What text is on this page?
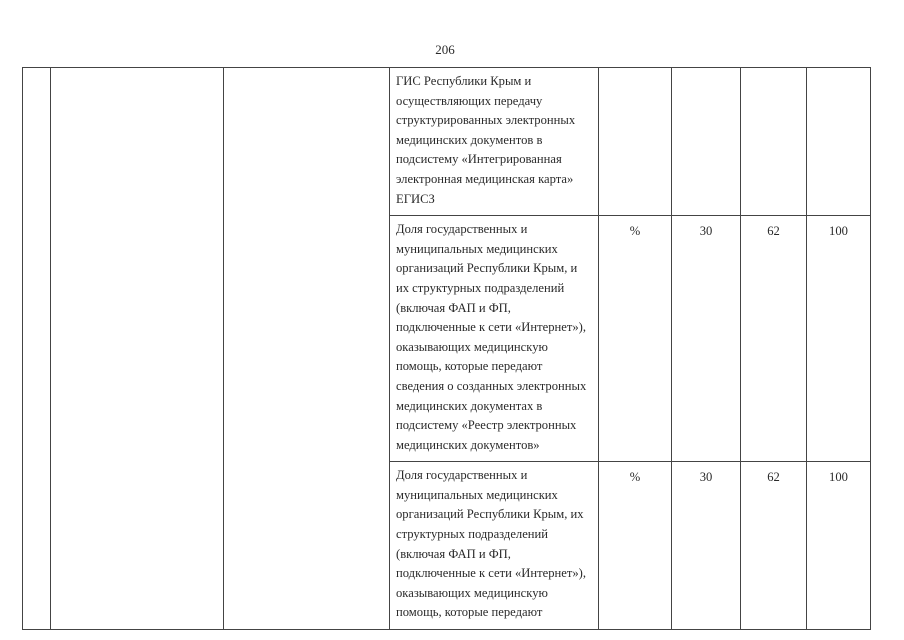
206
			ГИС Республики Крым и осуществляющих передачу структурированных электронных медицинских документов в подсистему «Интегрированная электронная медицинская карта» ЕГИСЗ				
			Доля государственных и муниципальных медицинских организаций Республики Крым, и их структурных подразделений (включая ФАП и ФП, подключенные к сети «Интернет»), оказывающих медицинскую помощь, которые передают сведения о созданных электронных медицинских документах в подсистему «Реестр электронных медицинских документов»	%	30	62	100
			Доля государственных и муниципальных медицинских организаций Республики Крым, их структурных подразделений (включая ФАП и ФП, подключенные к сети «Интернет»), оказывающих медицинскую помощь, которые передают	%	30	62	100
